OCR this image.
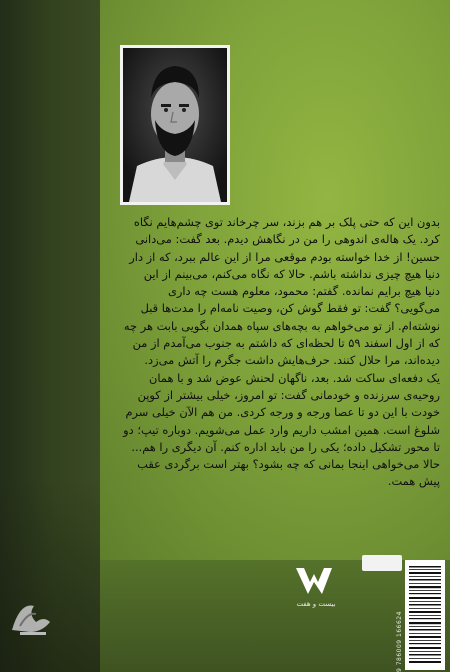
بدون این که حتی پلک بر هم بزند، سر چرخاند توی چشم‌هایم نگاه
کرد. یک هاله‌ی اندوهی را من در نگاهش دیدم. بعد گفت: می‌دانی
حسین! از خدا خواسته بودم موقعی مرا از این عالم ببرد، که از دار
دنیا هیچ چیزی نداشته باشم. حالا که نگاه می‌کنم، می‌بینم از این
دنیا هیچ برایم نمانده. گفتم: محمود، معلوم هست چه داری
می‌گویی؟ گفت: تو فقط گوش کن، وصیت نامه‌ام را مدت‌ها قبل
نوشته‌ام. از تو می‌خواهم به بچه‌های سپاه همدان بگویی بابت هر چه
که از اول اسفند ۵۹ تا لحظه‌ای که داشتم به جنوب می‌آمدم از من
دیده‌اند، مرا حلال کنند. حرف‌هایش داشت جگرم را آتش می‌زد.
یک دفعه‌ای ساکت شد. بعد، ناگهان لحنش عوض شد و با همان
روحیه‌ی سرزنده و خودمانی گفت: تو امروز، خیلی بیشتر از کوپن
خودت با این دو تا عصا ورجه و ورجه کردی. من هم الآن خیلی سرم
شلوغ است. همین امشب داریم وارد عمل می‌شویم. دوباره تیپ؛ دو
تا محور تشکیل داده؛ یکی را من باید اداره کنم. آن دیگری را هم‌...
حالا می‌خواهی اینجا بمانی که چه بشود؟ بهتر است برگردی عقب
پیش همت.

بیست و هفت
9 786009 166624
